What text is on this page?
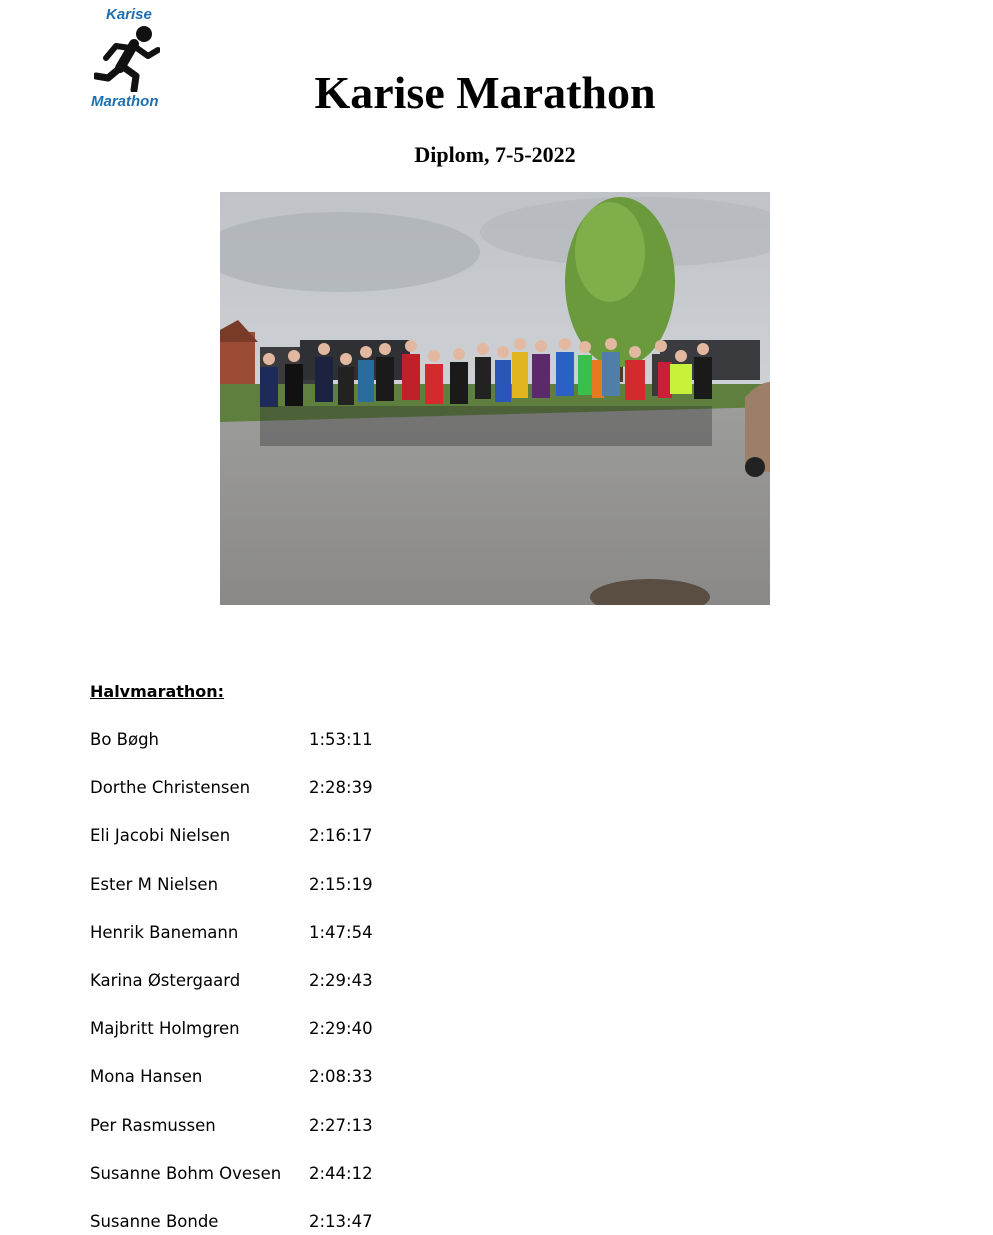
Karise
Marathon	Karise Marathon
Diplom, 7-5-2022
Halvmarathon:
Bo Bøgh	1:53:11
Dorthe Christensen	2:28:39
Eli Jacobi Nielsen	2:16:17
Ester M Nielsen	2:15:19
Henrik Banemann	1:47:54
Karina Østergaard	2:29:43
Majbritt Holmgren	2:29:40
Mona Hansen	2:08:33
Per Rasmussen	2:27:13
Susanne Bohm Ovesen 2:44:12
Susanne Bonde	2:13:47
